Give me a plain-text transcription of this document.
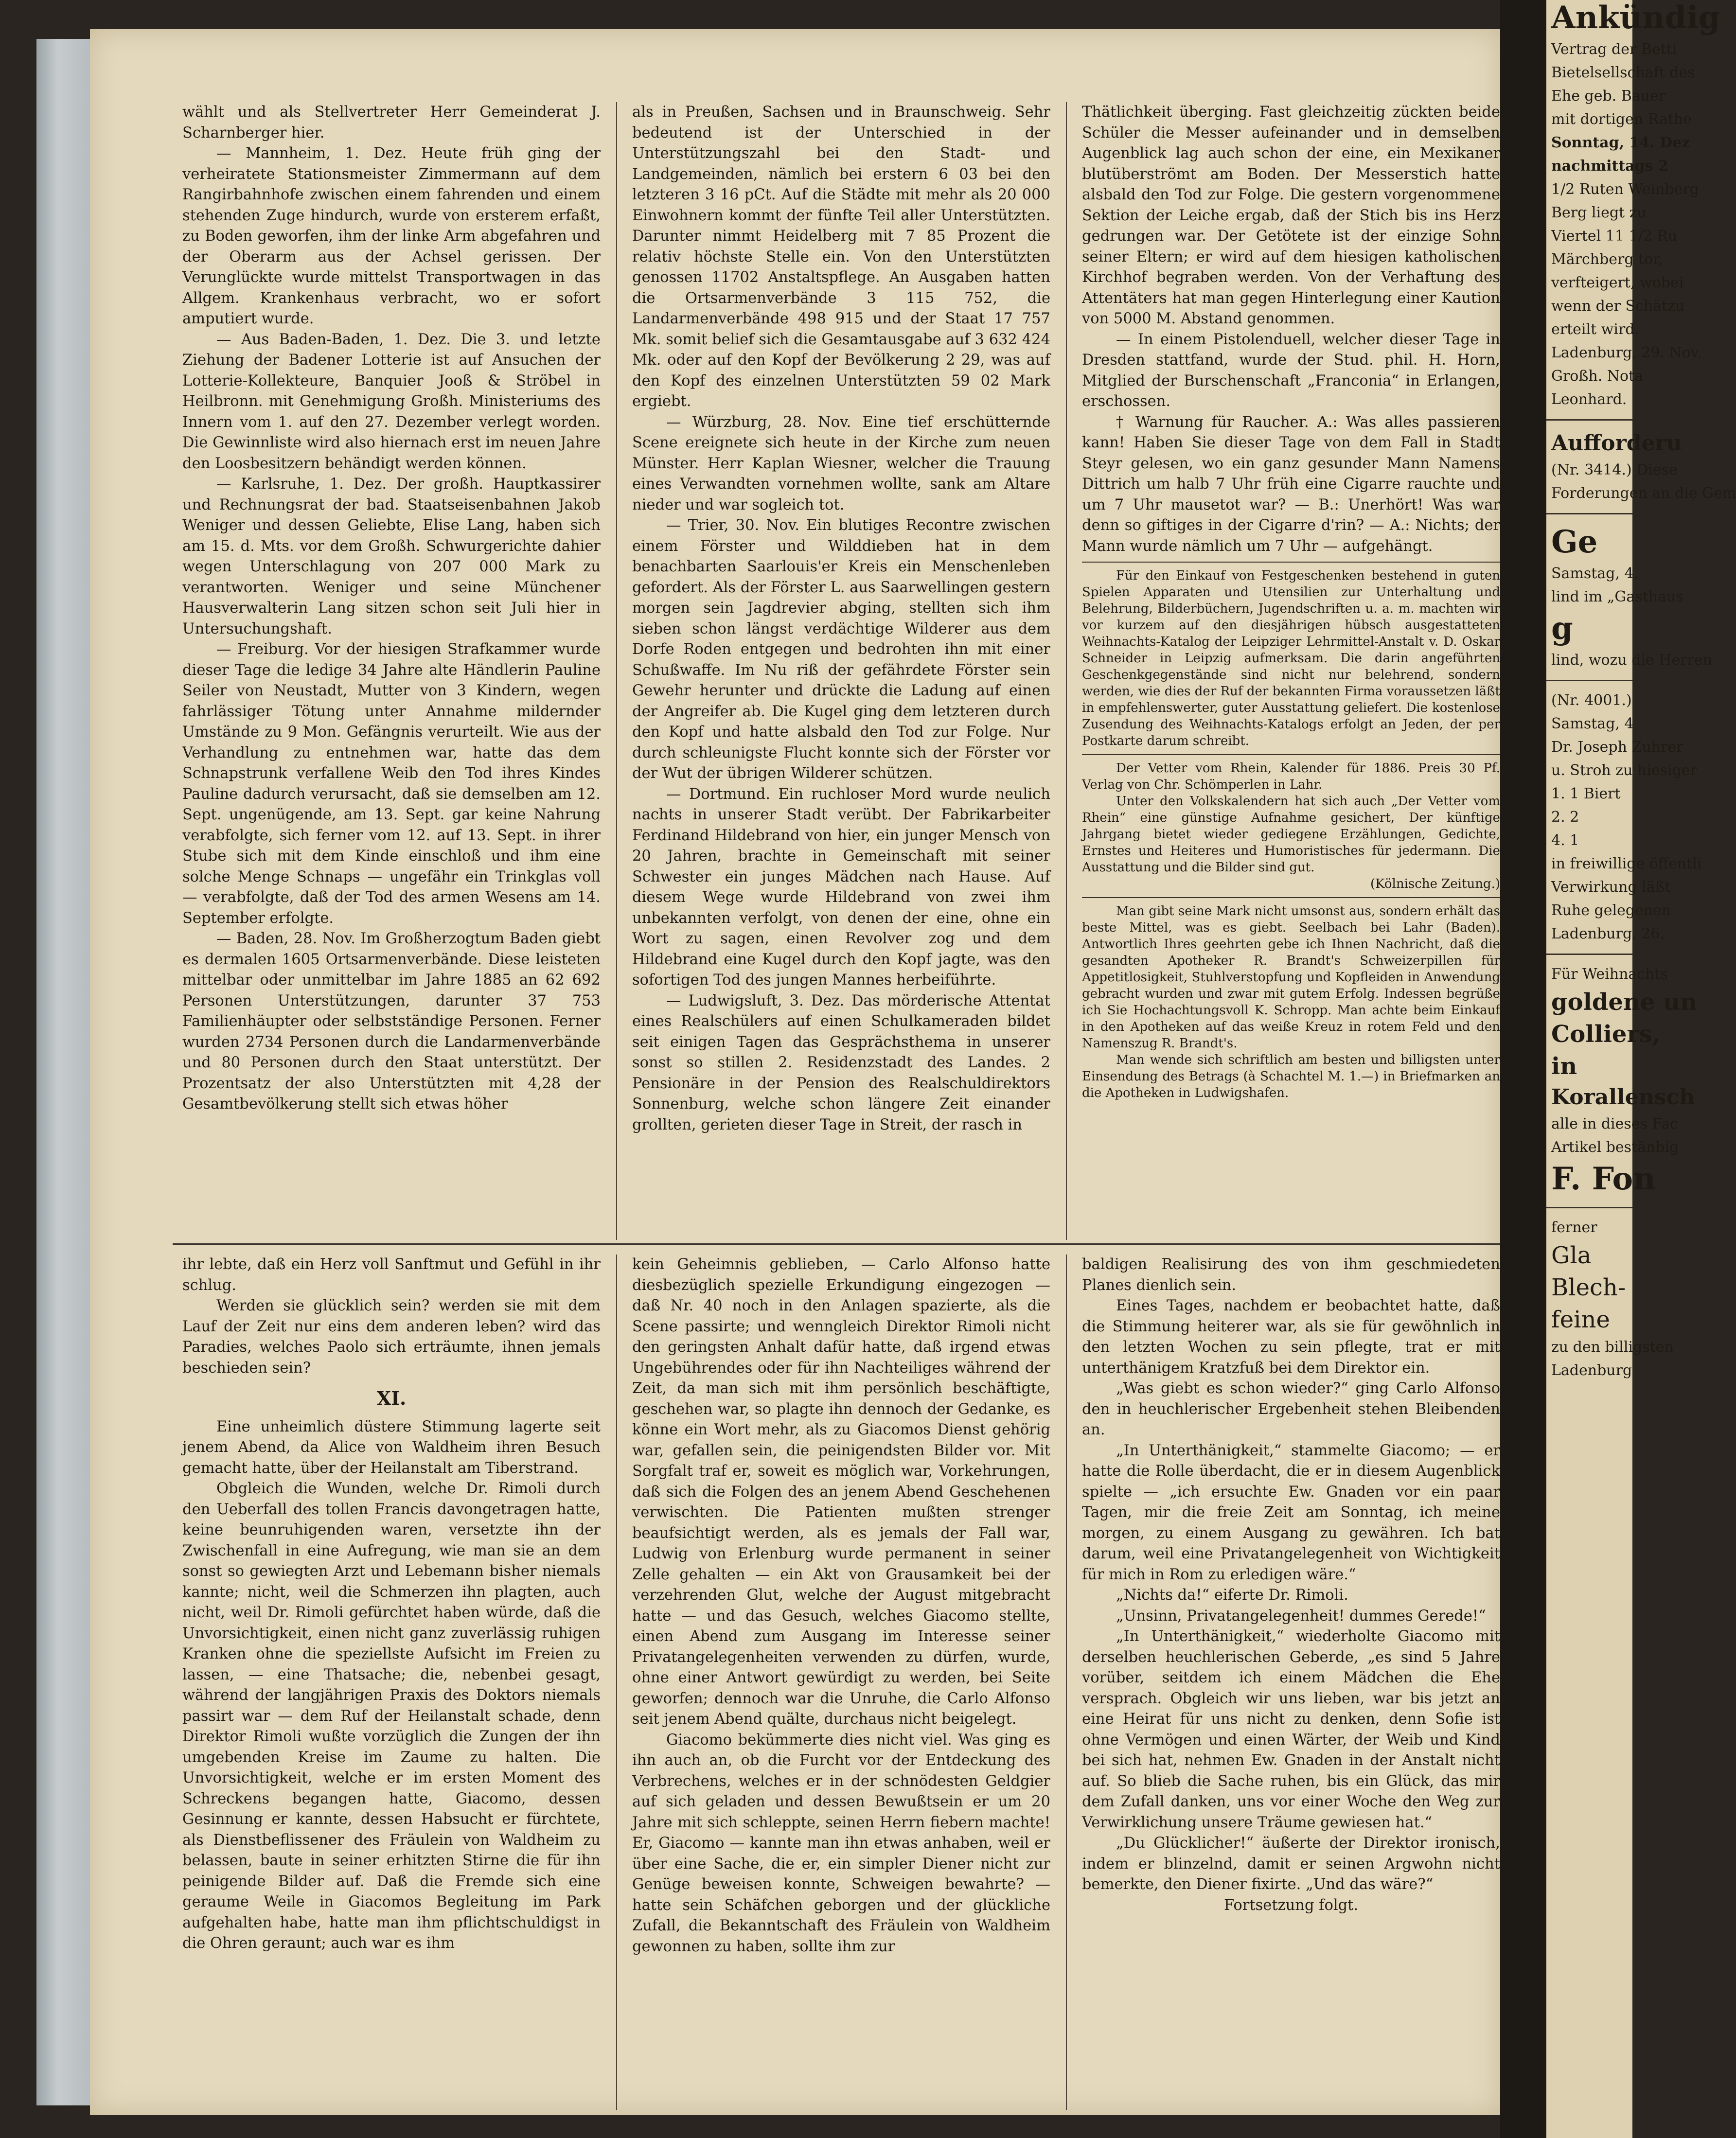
wählt und als Stellvertreter Herr Gemeinderat J. Scharnberger hier.

— Mannheim, 1. Dez. Heute früh ging der verheiratete Stationsmeister Zimmermann auf dem Rangirbahnhofe zwischen einem fahrenden und einem stehenden Zuge hindurch, wurde von ersterem erfaßt, zu Boden geworfen, ihm der linke Arm abgefahren und der Oberarm aus der Achsel gerissen. Der Verunglückte wurde mittelst Transportwagen in das Allgem. Krankenhaus verbracht, wo er sofort amputiert wurde.

— Aus Baden-Baden, 1. Dez. Die 3. und letzte Ziehung der Badener Lotterie ist auf Ansuchen der Lotterie-Kollekteure, Banquier Jooß & Ströbel in Heilbronn. mit Genehmigung Großh. Ministeriums des Innern vom 1. auf den 27. Dezember verlegt worden. Die Gewinnliste wird also hiernach erst im neuen Jahre den Loosbesitzern behändigt werden können.

— Karlsruhe, 1. Dez. Der großh. Hauptkassirer und Rechnungsrat der bad. Staatseisenbahnen Jakob Weniger und dessen Geliebte, Elise Lang, haben sich am 15. d. Mts. vor dem Großh. Schwurgerichte dahier wegen Unterschlagung von 207 000 Mark zu verantworten. Weniger und seine Münchener Hausverwalterin Lang sitzen schon seit Juli hier in Untersuchungshaft.

— Freiburg. Vor der hiesigen Strafkammer wurde dieser Tage die ledige 34 Jahre alte Händlerin Pauline Seiler von Neustadt, Mutter von 3 Kindern, wegen fahrlässiger Tötung unter Annahme mildernder Umstände zu 9 Mon. Gefängnis verurteilt. Wie aus der Verhandlung zu entnehmen war, hatte das dem Schnapstrunk verfallene Weib den Tod ihres Kindes Pauline dadurch verursacht, daß sie demselben am 12. Sept. ungenügende, am 13. Sept. gar keine Nahrung verabfolgte, sich ferner vom 12. auf 13. Sept. in ihrer Stube sich mit dem Kinde einschloß und ihm eine solche Menge Schnaps — ungefähr ein Trinkglas voll — verabfolgte, daß der Tod des armen Wesens am 14. September erfolgte.

— Baden, 28. Nov. Im Großherzogtum Baden giebt es dermalen 1605 Ortsarmenverbände. Diese leisteten mittelbar oder unmittelbar im Jahre 1885 an 62 692 Personen Unterstützungen, darunter 37 753 Familienhäupter oder selbstständige Personen. Ferner wurden 2734 Personen durch die Landarmenverbände und 80 Personen durch den Staat unterstützt. Der Prozentsatz der also Unterstützten mit 4,28 der Gesamtbevölkerung stellt sich etwas höher

als in Preußen, Sachsen und in Braunschweig. Sehr bedeutend ist der Unterschied in der Unterstützungszahl bei den Stadt- und Landgemeinden, nämlich bei erstern 6 03 bei den letzteren 3 16 pCt. Auf die Städte mit mehr als 20 000 Einwohnern kommt der fünfte Teil aller Unterstützten. Darunter nimmt Heidelberg mit 7 85 Prozent die relativ höchste Stelle ein. Von den Unterstützten genossen 11702 Anstaltspflege. An Ausgaben hatten die Ortsarmenverbände 3 115 752, die Landarmenverbände 498 915 und der Staat 17 757 Mk. somit belief sich die Gesamtausgabe auf 3 632 424 Mk. oder auf den Kopf der Bevölkerung 2 29, was auf den Kopf des einzelnen Unterstützten 59 02 Mark ergiebt.

— Würzburg, 28. Nov. Eine tief erschütternde Scene ereignete sich heute in der Kirche zum neuen Münster. Herr Kaplan Wiesner, welcher die Trauung eines Verwandten vornehmen wollte, sank am Altare nieder und war sogleich tot.

— Trier, 30. Nov. Ein blutiges Recontre zwischen einem Förster und Wilddieben hat in dem benachbarten Saarlouis'er Kreis ein Menschenleben gefordert. Als der Förster L. aus Saarwellingen gestern morgen sein Jagdrevier abging, stellten sich ihm sieben schon längst verdächtige Wilderer aus dem Dorfe Roden entgegen und bedrohten ihn mit einer Schußwaffe. Im Nu riß der gefährdete Förster sein Gewehr herunter und drückte die Ladung auf einen der Angreifer ab. Die Kugel ging dem letzteren durch den Kopf und hatte alsbald den Tod zur Folge. Nur durch schleunigste Flucht konnte sich der Förster vor der Wut der übrigen Wilderer schützen.

— Dortmund. Ein ruchloser Mord wurde neulich nachts in unserer Stadt verübt. Der Fabrikarbeiter Ferdinand Hildebrand von hier, ein junger Mensch von 20 Jahren, brachte in Gemeinschaft mit seiner Schwester ein junges Mädchen nach Hause. Auf diesem Wege wurde Hildebrand von zwei ihm unbekannten verfolgt, von denen der eine, ohne ein Wort zu sagen, einen Revolver zog und dem Hildebrand eine Kugel durch den Kopf jagte, was den sofortigen Tod des jungen Mannes herbeiführte.

— Ludwigsluft, 3. Dez. Das mörderische Attentat eines Realschülers auf einen Schulkameraden bildet seit einigen Tagen das Gesprächsthema in unserer sonst so stillen 2. Residenzstadt des Landes. 2 Pensionäre in der Pension des Realschuldirektors Sonnenburg, welche schon längere Zeit einander grollten, gerieten dieser Tage in Streit, der rasch in

Thätlichkeit überging. Fast gleichzeitig zückten beide Schüler die Messer aufeinander und in demselben Augenblick lag auch schon der eine, ein Mexikaner blutüberströmt am Boden. Der Messerstich hatte alsbald den Tod zur Folge. Die gestern vorgenommene Sektion der Leiche ergab, daß der Stich bis ins Herz gedrungen war. Der Getötete ist der einzige Sohn seiner Eltern; er wird auf dem hiesigen katholischen Kirchhof begraben werden. Von der Verhaftung des Attentäters hat man gegen Hinterlegung einer Kaution von 5000 M. Abstand genommen.

— In einem Pistolenduell, welcher dieser Tage in Dresden stattfand, wurde der Stud. phil. H. Horn, Mitglied der Burschenschaft „Franconia“ in Erlangen, erschossen.

† Warnung für Raucher. A.: Was alles passieren kann! Haben Sie dieser Tage von dem Fall in Stadt Steyr gelesen, wo ein ganz gesunder Mann Namens Dittrich um halb 7 Uhr früh eine Cigarre rauchte und um 7 Uhr mausetot war? — B.: Unerhört! Was war denn so giftiges in der Cigarre d'rin? — A.: Nichts; der Mann wurde nämlich um 7 Uhr — aufgehängt.

Für den Einkauf von Festgeschenken bestehend in guten Spielen Apparaten und Utensilien zur Unterhaltung und Belehrung, Bilderbüchern, Jugendschriften u. a. m. machten wir vor kurzem auf den diesjährigen hübsch ausgestatteten Weihnachts-Katalog der Leipziger Lehrmittel-Anstalt v. D. Oskar Schneider in Leipzig aufmerksam. Die darin angeführten Geschenkgegenstände sind nicht nur belehrend, sondern werden, wie dies der Ruf der bekannten Firma voraussetzen läßt in empfehlenswerter, guter Ausstattung geliefert. Die kostenlose Zusendung des Weihnachts-Katalogs erfolgt an Jeden, der per Postkarte darum schreibt.

Der Vetter vom Rhein, Kalender für 1886. Preis 30 Pf. Verlag von Chr. Schömperlen in Lahr.

Unter den Volkskalendern hat sich auch „Der Vetter vom Rhein“ eine günstige Aufnahme gesichert, Der künftige Jahrgang bietet wieder gediegene Erzählungen, Gedichte, Ernstes und Heiteres und Humoristisches für jedermann. Die Ausstattung und die Bilder sind gut.

(Kölnische Zeitung.)

Man gibt seine Mark nicht umsonst aus, sondern erhält das beste Mittel, was es giebt. Seelbach bei Lahr (Baden). Antwortlich Ihres geehrten gebe ich Ihnen Nachricht, daß die gesandten Apotheker R. Brandt's Schweizerpillen für Appetitlosigkeit, Stuhlverstopfung und Kopfleiden in Anwendung gebracht wurden und zwar mit gutem Erfolg. Indessen begrüße ich Sie Hochachtungsvoll K. Schropp. Man achte beim Einkauf in den Apotheken auf das weiße Kreuz in rotem Feld und den Namenszug R. Brandt's.

Man wende sich schriftlich am besten und billigsten unter Einsendung des Betrags (à Schachtel M. 1.—) in Briefmarken an die Apotheken in Ludwigshafen.

ihr lebte, daß ein Herz voll Sanftmut und Gefühl in ihr schlug.

Werden sie glücklich sein? werden sie mit dem Lauf der Zeit nur eins dem anderen leben? wird das Paradies, welches Paolo sich erträumte, ihnen jemals beschieden sein?

XI.

Eine unheimlich düstere Stimmung lagerte seit jenem Abend, da Alice von Waldheim ihren Besuch gemacht hatte, über der Heilanstalt am Tiberstrand.

Obgleich die Wunden, welche Dr. Rimoli durch den Ueberfall des tollen Francis davongetragen hatte, keine beunruhigenden waren, versetzte ihn der Zwischenfall in eine Aufregung, wie man sie an dem sonst so gewiegten Arzt und Lebemann bisher niemals kannte; nicht, weil die Schmerzen ihn plagten, auch nicht, weil Dr. Rimoli gefürchtet haben würde, daß die Unvorsichtigkeit, einen nicht ganz zuverlässig ruhigen Kranken ohne die speziellste Aufsicht im Freien zu lassen, — eine Thatsache; die, nebenbei gesagt, während der langjährigen Praxis des Doktors niemals passirt war — dem Ruf der Heilanstalt schade, denn Direktor Rimoli wußte vorzüglich die Zungen der ihn umgebenden Kreise im Zaume zu halten. Die Unvorsichtigkeit, welche er im ersten Moment des Schreckens begangen hatte, Giacomo, dessen Gesinnung er kannte, dessen Habsucht er fürchtete, als Dienstbeflissener des Fräulein von Waldheim zu belassen, baute in seiner erhitzten Stirne die für ihn peinigende Bilder auf. Daß die Fremde sich eine geraume Weile in Giacomos Begleitung im Park aufgehalten habe, hatte man ihm pflichtschuldigst in die Ohren geraunt; auch war es ihm

kein Geheimnis geblieben, — Carlo Alfonso hatte diesbezüglich spezielle Erkundigung eingezogen — daß Nr. 40 noch in den Anlagen spazierte, als die Scene passirte; und wenngleich Direktor Rimoli nicht den geringsten Anhalt dafür hatte, daß irgend etwas Ungebührendes oder für ihn Nachteiliges während der Zeit, da man sich mit ihm persönlich beschäftigte, geschehen war, so plagte ihn dennoch der Gedanke, es könne ein Wort mehr, als zu Giacomos Dienst gehörig war, gefallen sein, die peinigendsten Bilder vor. Mit Sorgfalt traf er, soweit es möglich war, Vorkehrungen, daß sich die Folgen des an jenem Abend Geschehenen verwischten. Die Patienten mußten strenger beaufsichtigt werden, als es jemals der Fall war, Ludwig von Erlenburg wurde permanent in seiner Zelle gehalten — ein Akt von Grausamkeit bei der verzehrenden Glut, welche der August mitgebracht hatte — und das Gesuch, welches Giacomo stellte, einen Abend zum Ausgang im Interesse seiner Privatangelegenheiten verwenden zu dürfen, wurde, ohne einer Antwort gewürdigt zu werden, bei Seite geworfen; dennoch war die Unruhe, die Carlo Alfonso seit jenem Abend quälte, durchaus nicht beigelegt.

Giacomo bekümmerte dies nicht viel. Was ging es ihn auch an, ob die Furcht vor der Entdeckung des Verbrechens, welches er in der schnödesten Geldgier auf sich geladen und dessen Bewußtsein er um 20 Jahre mit sich schleppte, seinen Herrn fiebern machte! Er, Giacomo — kannte man ihn etwas anhaben, weil er über eine Sache, die er, ein simpler Diener nicht zur Genüge beweisen konnte, Schweigen bewahrte? — hatte sein Schäfchen geborgen und der glückliche Zufall, die Bekanntschaft des Fräulein von Waldheim gewonnen zu haben, sollte ihm zur

baldigen Realisirung des von ihm geschmiedeten Planes dienlich sein.

Eines Tages, nachdem er beobachtet hatte, daß die Stimmung heiterer war, als sie für gewöhnlich in den letzten Wochen zu sein pflegte, trat er mit unterthänigem Kratzfuß bei dem Direktor ein.

„Was giebt es schon wieder?“ ging Carlo Alfonso den in heuchlerischer Ergebenheit stehen Bleibenden an.

„In Unterthänigkeit,“ stammelte Giacomo; — er hatte die Rolle überdacht, die er in diesem Augenblick spielte — „ich ersuchte Ew. Gnaden vor ein paar Tagen, mir die freie Zeit am Sonntag, ich meine morgen, zu einem Ausgang zu gewähren. Ich bat darum, weil eine Privatangelegenheit von Wichtigkeit für mich in Rom zu erledigen wäre.“

„Nichts da!“ eiferte Dr. Rimoli.

„Unsinn, Privatangelegenheit! dummes Gerede!“

„In Unterthänigkeit,“ wiederholte Giacomo mit derselben heuchlerischen Geberde, „es sind 5 Jahre vorüber, seitdem ich einem Mädchen die Ehe versprach. Obgleich wir uns lieben, war bis jetzt an eine Heirat für uns nicht zu denken, denn Sofie ist ohne Vermögen und einen Wärter, der Weib und Kind bei sich hat, nehmen Ew. Gnaden in der Anstalt nicht auf. So blieb die Sache ruhen, bis ein Glück, das mir dem Zufall danken, uns vor einer Woche den Weg zur Verwirklichung unsere Träume gewiesen hat.“

„Du Glücklicher!“ äußerte der Direktor ironisch, indem er blinzelnd, damit er seinen Argwohn nicht bemerkte, den Diener fixirte. „Und das wäre?“

Fortsetzung folgt.

Ankündig
Vertrag der Betti
Bietelsellschaft des
Ehe geb. Bauer
mit dortigen Rathe
Sonntag, 14. Dez
nachmittags 2
1/2 Ruten Weinberg
Berg liegt zu
Viertel 11 1/2 Ru
Märchberg tor,
verfteigert, wobei
wenn der Schätzu
erteilt wird.
Ladenburg, 29. Nov.
Großh. Nota
Leonhard.
Aufforderu
(Nr. 3414.) Diese
Forderungen an die Gem
Ge
Samstag, 4.
lind im „Gasthaus
g
lind, wozu die Herren
(Nr. 4001.)
Samstag, 4
Dr. Joseph Zuhrer
u. Stroh zu hiesiger
1. 1 Biert
2. 2
4. 1
in freiwillige öffentli
Verwirkung läßt
Ruhe gelegenen
Ladenburg, 26.
Für Weihnachts
goldene un
Colliers,
in
Korallensch
alle in dieses Fac
Artikel bestänbig
F. Fon
ferner
Gla
Blech-
feine
zu den billigsten
Ladenburg
